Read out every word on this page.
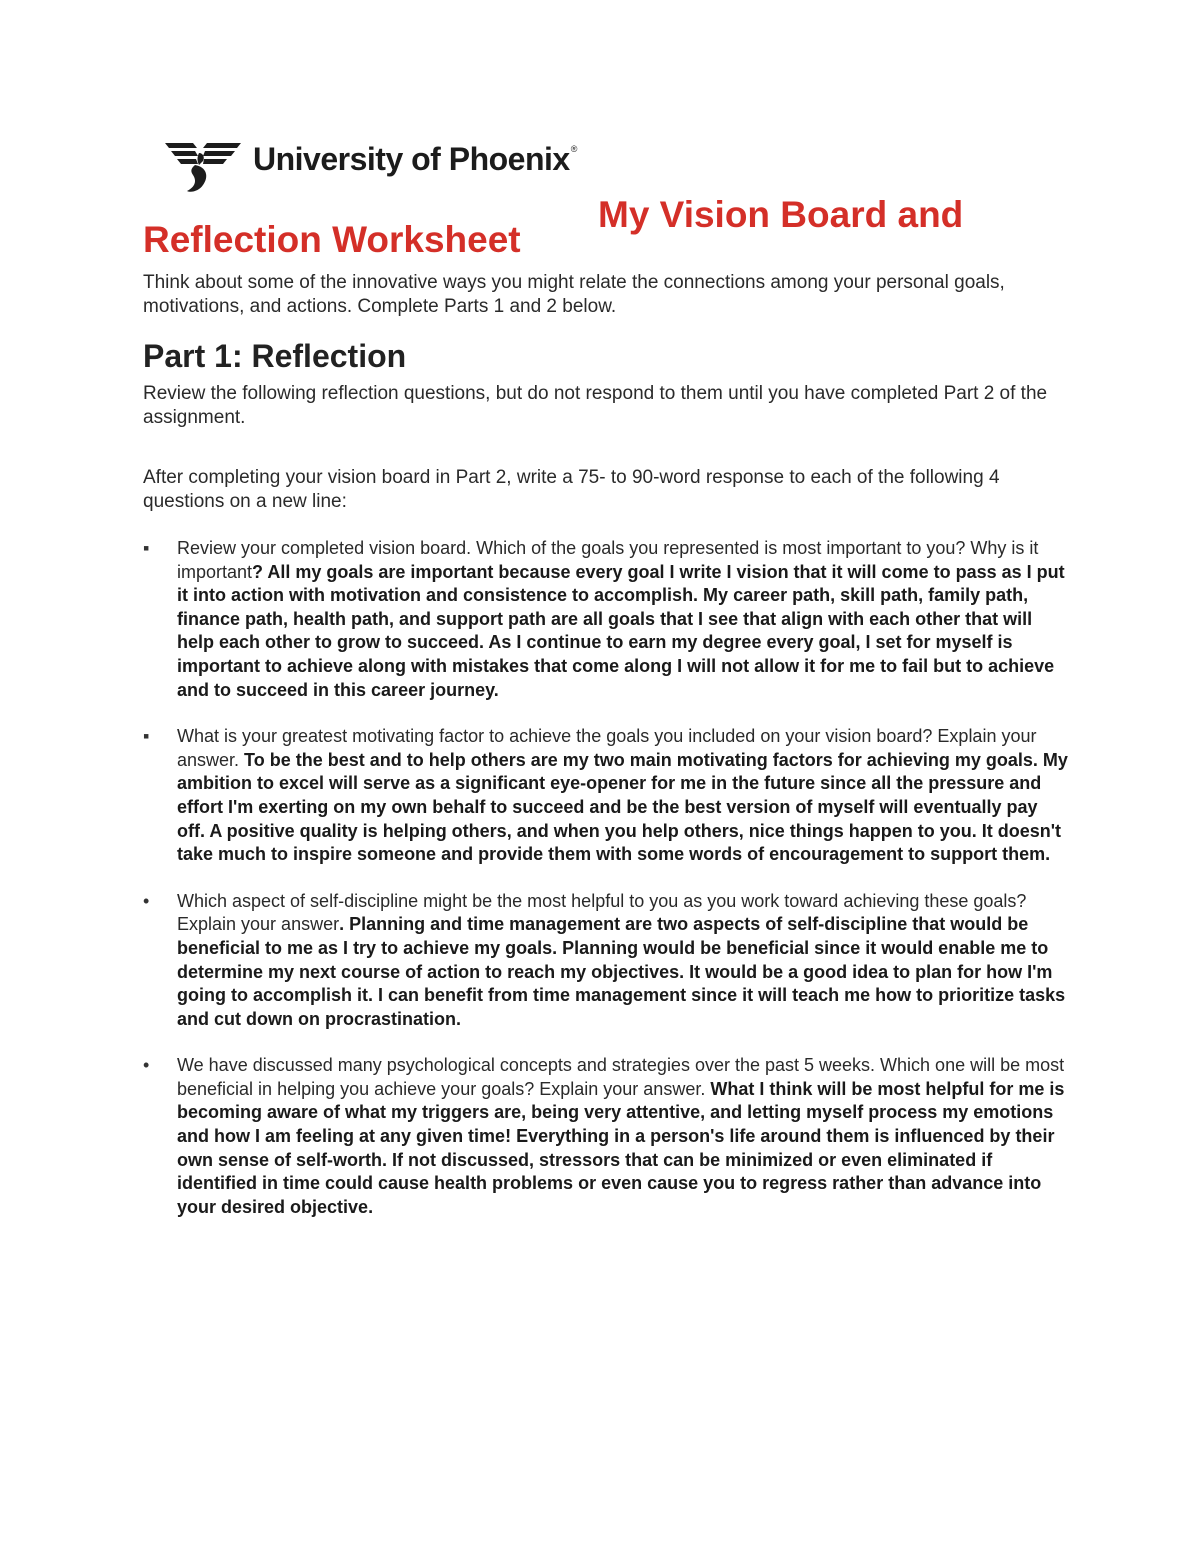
University of Phoenix®
My Vision Board and
Reflection Worksheet

Think about some of the innovative ways you might relate the connections among your personal goals, motivations, and actions. Complete Parts 1 and 2 below.

Part 1: Reflection

Review the following reflection questions, but do not respond to them until you have completed Part 2 of the assignment.

After completing your vision board in Part 2, write a 75- to 90-word response to each of the following 4 questions on a new line:

▪	Review your completed vision board. Which of the goals you represented is most important to you? Why is it important? All my goals are important because every goal I write I vision that it will come to pass as I put it into action with motivation and consistence to accomplish. My career path, skill path, family path, finance path, health path, and support path are all goals that I see that align with each other that will help each other to grow to succeed. As I continue to earn my degree every goal, I set for myself is important to achieve along with mistakes that come along I will not allow it for me to fail but to achieve and to succeed in this career journey.
▪	What is your greatest motivating factor to achieve the goals you included on your vision board? Explain your answer. To be the best and to help others are my two main motivating factors for achieving my goals. My ambition to excel will serve as a significant eye-opener for me in the future since all the pressure and effort I'm exerting on my own behalf to succeed and be the best version of myself will eventually pay off. A positive quality is helping others, and when you help others, nice things happen to you. It doesn't take much to inspire someone and provide them with some words of encouragement to support them.
•	Which aspect of self-discipline might be the most helpful to you as you work toward achieving these goals? Explain your answer. Planning and time management are two aspects of self-discipline that would be beneficial to me as I try to achieve my goals. Planning would be beneficial since it would enable me to determine my next course of action to reach my objectives. It would be a good idea to plan for how I'm going to accomplish it. I can benefit from time management since it will teach me how to prioritize tasks and cut down on procrastination.
•	We have discussed many psychological concepts and strategies over the past 5 weeks. Which one will be most beneficial in helping you achieve your goals? Explain your answer. What I think will be most helpful for me is becoming aware of what my triggers are, being very attentive, and letting myself process my emotions and how I am feeling at any given time! Everything in a person's life around them is influenced by their own sense of self-worth. If not discussed, stressors that can be minimized or even eliminated if identified in time could cause health problems or even cause you to regress rather than advance into your desired objective.
